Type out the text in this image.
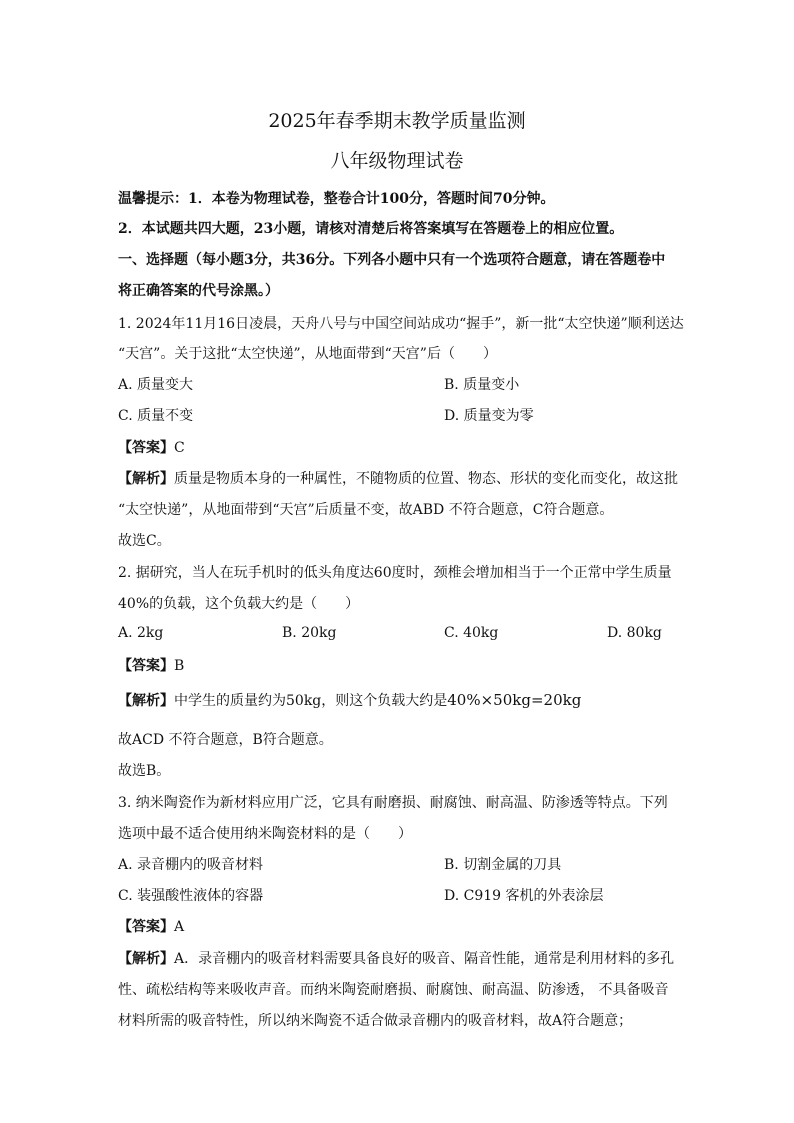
2025年春季期末教学质量监测
八年级物理试卷
温馨提示：1．本卷为物理试卷，整卷合计100分，答题时间70分钟。
2．本试题共四大题，23小题，请核对清楚后将答案填写在答题卷上的相应位置。
一、选择题（每小题3分，共36分。下列各小题中只有一个选项符合题意，请在答题卷中
将正确答案的代号涂黑。）
1. 2024年11月16日凌晨，天舟八号与中国空间站成功“握手”，新一批“太空快递”顺利送达
“天宫”。关于这批“太空快递”，从地面带到“天宫”后（　　）
A. 质量变大	B. 质量变小
C. 质量不变	D. 质量变为零
【答案】C
【解析】质量是物质本身的一种属性，不随物质的位置、物态、形状的变化而变化，故这批
“太空快递”，从地面带到“天宫”后质量不变，故ABD 不符合题意，C符合题意。
故选C。
2. 据研究，当人在玩手机时的低头角度达60度时，颈椎会增加相当于一个正常中学生质量
40%的负载，这个负载大约是（　　）
A. 2kg	B. 20kg	C. 40kg	D. 80kg
【答案】B
【解析】中学生的质量约为50kg，则这个负载大约是40%×50kg=20kg
故ACD 不符合题意，B符合题意。
故选B。
3. 纳米陶瓷作为新材料应用广泛，它具有耐磨损、耐腐蚀、耐高温、防渗透等特点。下列
选项中最不适合使用纳米陶瓷材料的是（　　）
A. 录音棚内的吸音材料	B. 切割金属的刀具
C. 装强酸性液体的容器	D. C919 客机的外表涂层
【答案】A
【解析】A．录音棚内的吸音材料需要具备良好的吸音、隔音性能，通常是利用材料的多孔
性、疏松结构等来吸收声音。而纳米陶瓷耐磨损、耐腐蚀、耐高温、防渗透， 不具备吸音
材料所需的吸音特性，所以纳米陶瓷不适合做录音棚内的吸音材料，故A符合题意；
